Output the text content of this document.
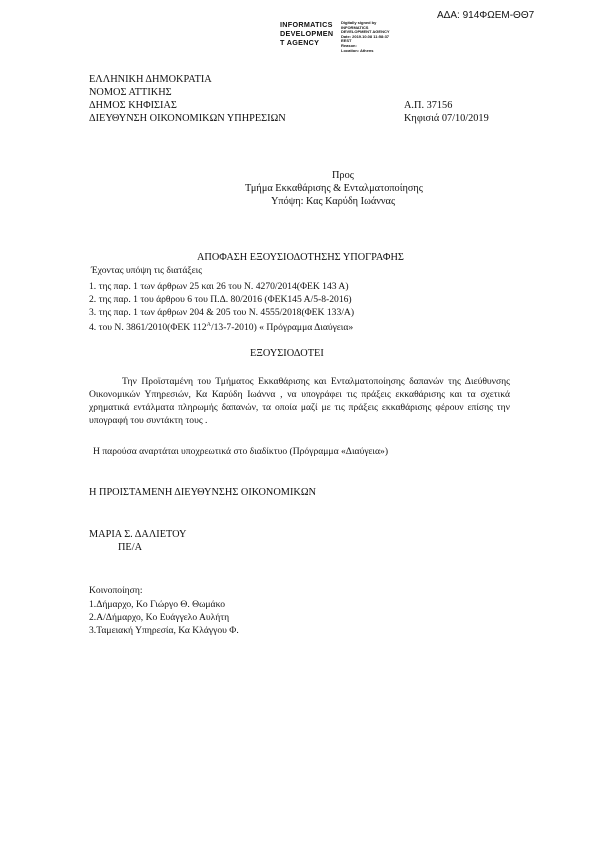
ΑΔΑ: 914ΦΩΕΜ-ΘΘ7
INFORMATICS
DEVELOPMEN
T AGENCY
Digitally signed by
INFORMATICS
DEVELOPMENT AGENCY
Date: 2019.10.08 11:58:37
EEST
Reason:
Location: Athens
ΕΛΛΗΝΙΚΗ ΔΗΜΟΚΡΑΤΙΑ
ΝΟΜΟΣ ΑΤΤΙΚΗΣ
ΔΗΜΟΣ ΚΗΦΙΣΙΑΣ
ΔΙΕΥΘΥΝΣΗ ΟΙΚΟΝΟΜΙΚΩΝ ΥΠΗΡΕΣΙΩΝ
Α.Π. 37156
Κηφισιά 07/10/2019
Προς
Τμήμα Εκκαθάρισης & Ενταλματοποίησης
Υπόψη: Κας Καρύδη Ιωάννας
ΑΠΟΦΑΣΗ ΕΞΟΥΣΙΟΔΟΤΗΣΗΣ ΥΠΟΓΡΑΦΗΣ
Έχοντας υπόψη τις διατάξεις
1. της παρ. 1 των άρθρων 25 και 26 του Ν. 4270/2014(ΦΕΚ 143 Α)
2. της παρ. 1 του άρθρου 6 του Π.Δ. 80/2016 (ΦΕΚ145 Α/5-8-2016)
3. της παρ. 1 των άρθρων 204 & 205 του Ν. 4555/2018(ΦΕΚ 133/Α)
4. του Ν. 3861/2010(ΦΕΚ $112^A/13-7-2010$) « Πρόγραμμα Διαύγεια»
ΕΞΟΥΣΙΟΔΟΤΕΙ
Την Προϊσταμένη του Τμήματος Εκκαθάρισης και Ενταλματοποίησης δαπανών της Διεύθυνσης Οικονομικών Υπηρεσιών, Κα Καρύδη Ιωάννα , να υπογράφει τις πράξεις εκκαθάρισης και τα σχετικά χρηματικά εντάλματα πληρωμής δαπανών, τα οποία μαζί με τις πράξεις εκκαθάρισης φέρουν επίσης την υπογραφή του συντάκτη τους .
Η παρούσα αναρτάται υποχρεωτικά στο διαδίκτυο (Πρόγραμμα «Διαύγεια»)
Η ΠΡΟΙΣΤΑΜΕΝΗ ΔΙΕΥΘΥΝΣΗΣ ΟΙΚΟΝΟΜΙΚΩΝ
ΜΑΡΙΑ Σ. ΔΑΛΙΕΤΟΥ
ΠΕ/Α
Κοινοποίηση:
1.Δήμαρχο, Κο Γιώργο Θ. Θωμάκο
2.Α/Δήμαρχο, Κο Ευάγγελο Αυλήτη
3.Ταμειακή Υπηρεσία, Κα Κλάγγου Φ.
